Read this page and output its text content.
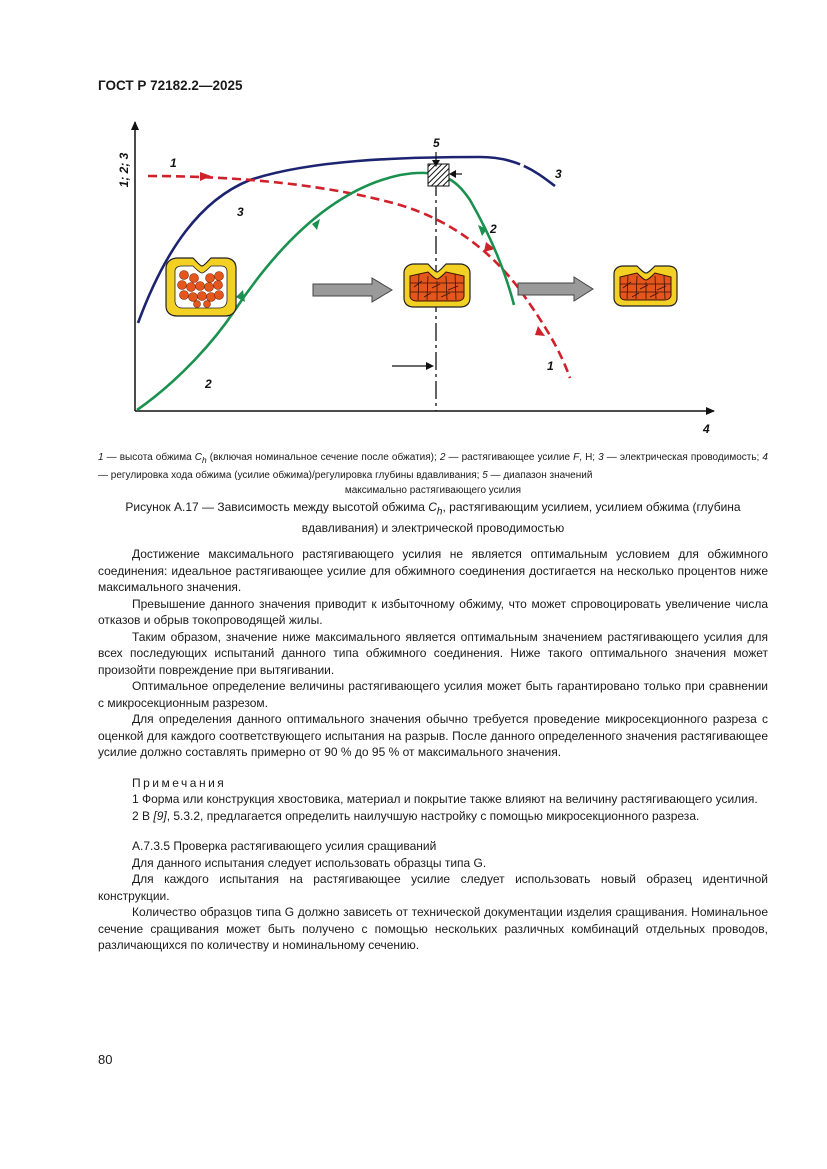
ГОСТ Р 72182.2—2025
1; 2; 3
4
1
3
5
3
2
1
2
1 — высота обжима $C_h$ (включая номинальное сечение после обжатия); 2 — растягивающее усилие F, Н; 3 — электрическая проводимость; 4 — регулировка хода обжима (усилие обжима)/регулировка глубины вдавливания; 5 — диапазон значений
максимально растягивающего усилия
Рисунок А.17 — Зависимость между высотой обжима $C_h$, растягивающим усилием, усилием обжима (глубина вдавливания) и электрической проводимостью

Достижение максимального растягивающего усилия не является оптимальным условием для обжимного соединения: идеальное растягивающее усилие для обжимного соединения достигается на несколько процентов ниже максимального значения.

Превышение данного значения приводит к избыточному обжиму, что может спровоцировать увеличение числа отказов и обрыв токопроводящей жилы.

Таким образом, значение ниже максимального является оптимальным значением растягивающего усилия для всех последующих испытаний данного типа обжимного соединения. Ниже такого оптимального значения может произойти повреждение при вытягивании.

Оптимальное определение величины растягивающего усилия может быть гарантировано только при сравнении с микросекционным разрезом.

Для определения данного оптимального значения обычно требуется проведение микросекционного разреза с оценкой для каждого соответствующего испытания на разрыв. После данного определенного значения растягивающее усилие должно составлять примерно от 90 % до 95 % от максимального значения.

Примечания

1 Форма или конструкция хвостовика, материал и покрытие также влияют на величину растягивающего усилия.

2 В [9], 5.3.2, предлагается определить наилучшую настройку с помощью микросекционного разреза.

А.7.3.5 Проверка растягивающего усилия сращиваний

Для данного испытания следует использовать образцы типа G.

Для каждого испытания на растягивающее усилие следует использовать новый образец идентичной конструкции.

Количество образцов типа G должно зависеть от технической документации изделия сращивания. Номинальное сечение сращивания может быть получено с помощью нескольких различных комбинаций отдельных проводов, различающихся по количеству и номинальному сечению.

80
